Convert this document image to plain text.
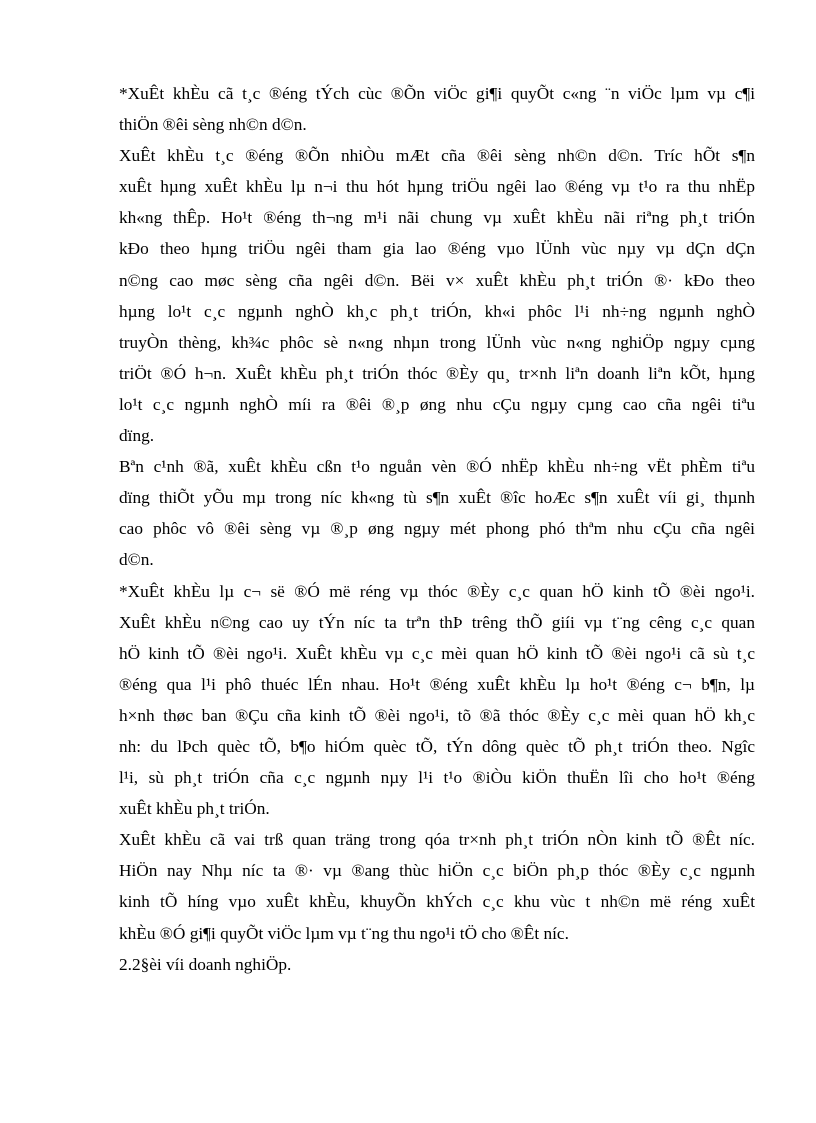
*XuÊt khÈu cã t¸c ®éng tÝch cùc ®Õn viÖc gi¶i quyÕt c«ng ¨n viÖc lµm vµ c¶i
thiÖn ®êi sèng nh©n d©n.
XuÊt khÈu t¸c ®éng ®Õn nhiÒu mÆt cña ®êi sèng nh©n d©n. Tríc hÕt s¶n
xuÊt hµng xuÊt khÈu lµ n¬i thu hót hµng triÖu ngêi lao ®éng vµ t¹o ra thu nhËp
kh«ng thÊp. Ho¹t ®éng th¬ng m¹i nãi chung vµ xuÊt khÈu nãi riªng ph¸t triÓn
kÐo theo hµng triÖu ngêi tham gia lao ®éng vµo lÜnh vùc nµy vµ dÇn dÇn
n©ng cao møc sèng cña ngêi d©n. Bëi v× xuÊt khÈu ph¸t triÓn ®· kÐo theo
hµng lo¹t c¸c ngµnh nghÒ kh¸c ph¸t triÓn, kh«i phôc l¹i nh÷ng ngµnh nghÒ
truyÒn thèng, kh¾c phôc sè n«ng nhµn trong lÜnh vùc n«ng nghiÖp ngµy cµng
triÖt ®Ó h¬n. XuÊt khÈu ph¸t triÓn thóc ®Èy qu¸ tr×nh liªn doanh liªn kÕt, hµng
lo¹t c¸c ngµnh nghÒ míi ra ®êi ®¸p øng nhu cÇu ngµy cµng cao cña ngêi tiªu
dïng.
Bªn c¹nh ®ã, xuÊt khÈu cßn t¹o nguån vèn ®Ó nhËp khÈu nh÷ng vËt phÈm tiªu
dïng thiÕt yÕu mµ trong níc kh«ng tù s¶n xuÊt ®îc hoÆc s¶n xuÊt víi gi¸ thµnh
cao phôc vô ®êi sèng vµ ®¸p øng ngµy mét phong phó thªm nhu cÇu cña ngêi
d©n.
*XuÊt khÈu lµ c¬ së ®Ó më réng vµ thóc ®Èy c¸c quan hÖ kinh tÕ ®èi ngo¹i.
XuÊt khÈu n©ng cao uy tÝn níc ta trªn thÞ trêng thÕ giíi vµ t¨ng cêng c¸c quan
hÖ kinh tÕ ®èi ngo¹i. XuÊt khÈu vµ c¸c mèi quan hÖ kinh tÕ ®èi ngo¹i cã sù t¸c
®éng qua l¹i phô thuéc lÉn nhau. Ho¹t ®éng xuÊt khÈu lµ ho¹t ®éng c¬ b¶n, lµ
h×nh thøc ban ®Çu cña kinh tÕ ®èi ngo¹i, tõ ®ã thóc ®Èy c¸c mèi quan hÖ kh¸c
nh: du lÞch quèc tÕ, b¶o hiÓm quèc tÕ, tÝn dông quèc tÕ ph¸t triÓn theo. Ngîc
l¹i, sù ph¸t triÓn cña c¸c ngµnh nµy l¹i t¹o ®iÒu kiÖn thuËn lîi cho ho¹t ®éng
xuÊt khÈu ph¸t triÓn.
XuÊt khÈu cã vai trß quan träng trong qóa tr×nh ph¸t triÓn nÒn kinh tÕ ®Êt níc.
HiÖn nay Nhµ níc ta ®· vµ ®ang thùc hiÖn c¸c biÖn ph¸p thóc ®Èy c¸c ngµnh
kinh tÕ híng vµo xuÊt khÈu, khuyÕn khÝch c¸c khu vùc t nh©n më réng xuÊt
khÈu ®Ó gi¶i quyÕt viÖc lµm vµ t¨ng thu ngo¹i tÖ cho ®Êt níc.
2.2§èi víi doanh nghiÖp.
